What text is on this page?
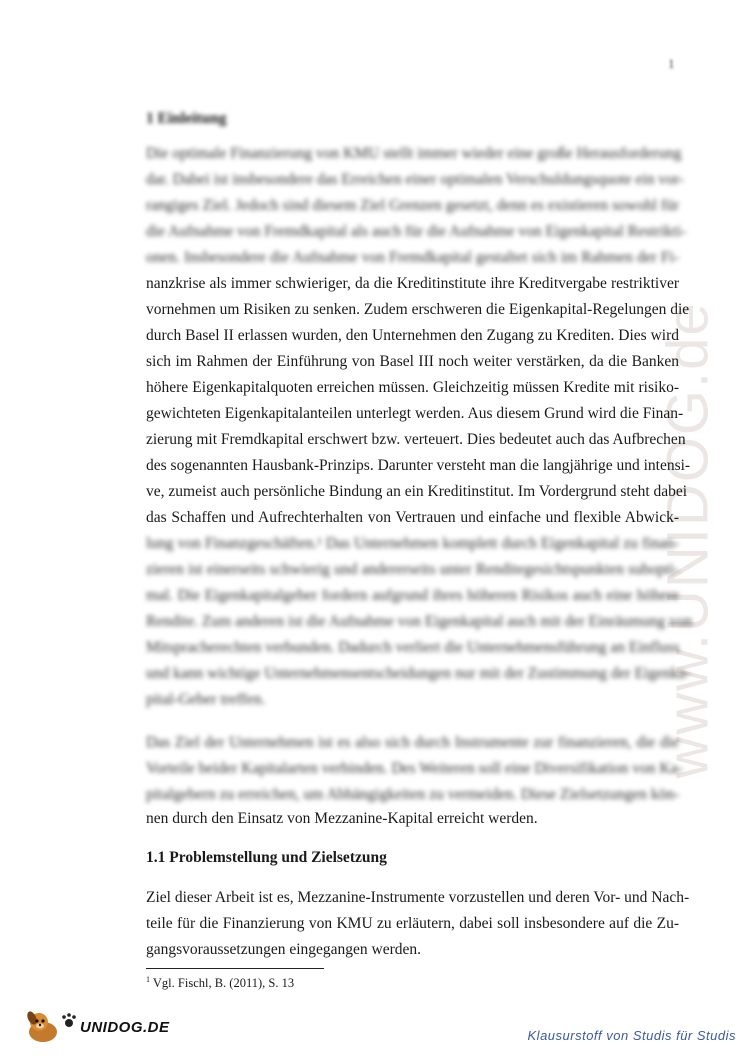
1
www.UNIDOG.de
1 Einleitung
Die optimale Finanzierung von KMU stellt immer wieder eine große Herausforderung
dar. Dabei ist insbesondere das Erreichen einer optimalen Verschuldungsquote ein vor-
rangiges Ziel. Jedoch sind diesem Ziel Grenzen gesetzt, denn es existieren sowohl für
die Aufnahme von Fremdkapital als auch für die Aufnahme von Eigenkapital Restrikti-
onen. Insbesondere die Aufnahme von Fremdkapital gestaltet sich im Rahmen der Fi-
nanzkrise als immer schwieriger, da die Kreditinstitute ihre Kreditvergabe restriktiver
vornehmen um Risiken zu senken. Zudem erschweren die Eigenkapital-Regelungen die
durch Basel II erlassen wurden, den Unternehmen den Zugang zu Krediten. Dies wird
sich im Rahmen der Einführung von Basel III noch weiter verstärken, da die Banken
höhere Eigenkapitalquoten erreichen müssen. Gleichzeitig müssen Kredite mit risiko-
gewichteten Eigenkapitalanteilen unterlegt werden. Aus diesem Grund wird die Finan-
zierung mit Fremdkapital erschwert bzw. verteuert. Dies bedeutet auch das Aufbrechen
des sogenannten Hausbank-Prinzips. Darunter versteht man die langjährige und intensi-
ve, zumeist auch persönliche Bindung an ein Kreditinstitut. Im Vordergrund steht dabei
das Schaffen und Aufrechterhalten von Vertrauen und einfache und flexible Abwick-
lung von Finanzgeschäften.¹ Das Unternehmen komplett durch Eigenkapital zu finan-
zieren ist einerseits schwierig und andererseits unter Renditegesichtspunkten subopti-
mal. Die Eigenkapitalgeber fordern aufgrund ihres höheren Risikos auch eine höhere
Rendite. Zum anderen ist die Aufnahme von Eigenkapital auch mit der Einräumung von
Mitspracherechten verbunden. Dadurch verliert die Unternehmensführung an Einfluss
und kann wichtige Unternehmensentscheidungen nur mit der Zustimmung der Eigenka-
pital-Geber treffen.
Das Ziel der Unternehmen ist es also sich durch Instrumente zur finanzieren, die die
Vorteile beider Kapitalarten verbinden. Des Weiteren soll eine Diversifikation von Ka-
pitalgebern zu erreichen, um Abhängigkeiten zu vermeiden. Diese Zielsetzungen kön-
nen durch den Einsatz von Mezzanine-Kapital erreicht werden.
1.1 Problemstellung und Zielsetzung
Ziel dieser Arbeit ist es, Mezzanine-Instrumente vorzustellen und deren Vor- und Nach-
teile für die Finanzierung von KMU zu erläutern, dabei soll insbesondere auf die Zu-
gangsvoraussetzungen eingegangen werden.
$^1$ Vgl. Fischl, B. (2011), S. 13
UNIDOG.DE	Klausurstoff von Studis für Studis
